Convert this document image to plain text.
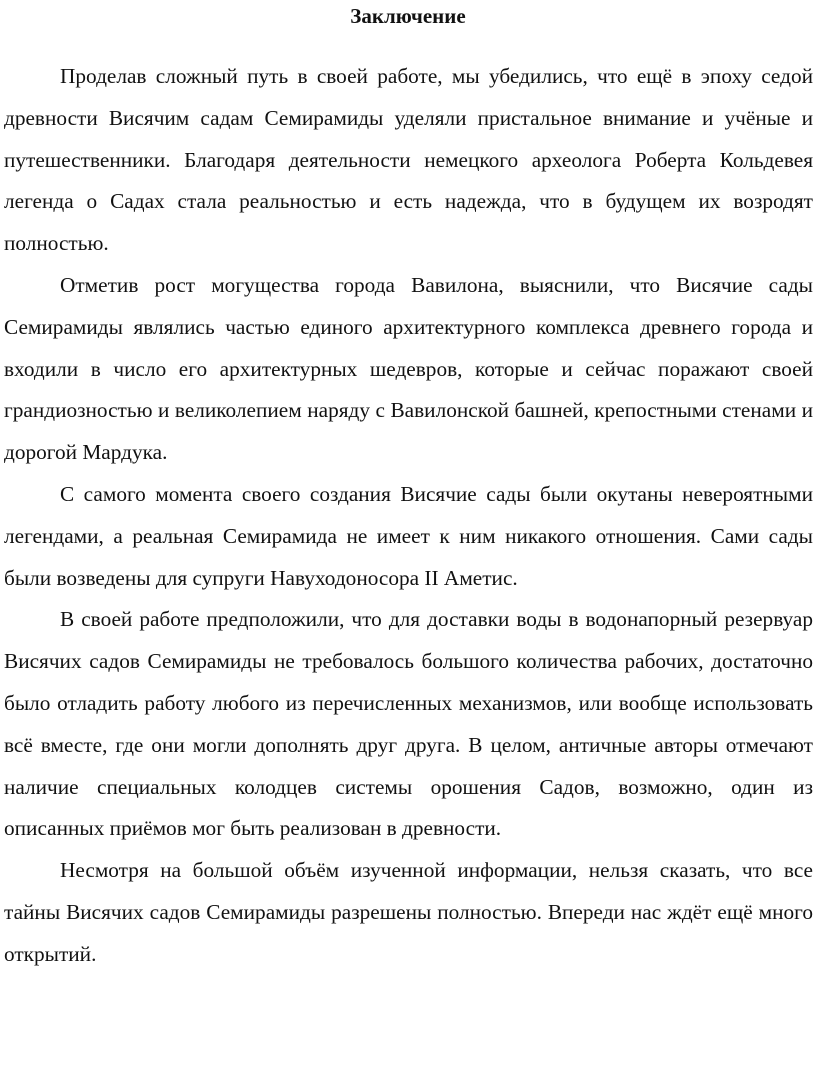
Заключение

Проделав сложный путь в своей работе, мы убедились, что ещё в эпоху седой древности Висячим садам Семирамиды уделяли пристальное внимание и учёные и путешественники. Благодаря деятельности немецкого археолога Роберта Кольдевея легенда о Садах стала реальностью и есть надежда, что в будущем их возродят полностью.

Отметив рост могущества города Вавилона, выяснили, что Висячие сады Семирамиды являлись частью единого архитектурного комплекса древнего города и входили в число его архитектурных шедевров, которые и сейчас поражают своей грандиозностью и великолепием наряду с Вавилонской башней, крепостными стенами и дорогой Мардука.

С самого момента своего создания Висячие сады были окутаны невероятными легендами, а реальная Семирамида не имеет к ним никакого отношения. Сами сады были возведены для супруги Навуходоносора II Аметис.

В своей работе предположили, что для доставки воды в водонапорный резервуар Висячих садов Семирамиды не требовалось большого количества рабочих, достаточно было отладить работу любого из перечисленных механизмов, или вообще использовать всё вместе, где они могли дополнять друг друга. В целом, античные авторы отмечают наличие специальных колодцев системы орошения Садов, возможно, один из описанных приёмов мог быть реализован в древности.

Несмотря на большой объём изученной информации, нельзя сказать, что все тайны Висячих садов Семирамиды разрешены полностью. Впереди нас ждёт ещё много открытий.
